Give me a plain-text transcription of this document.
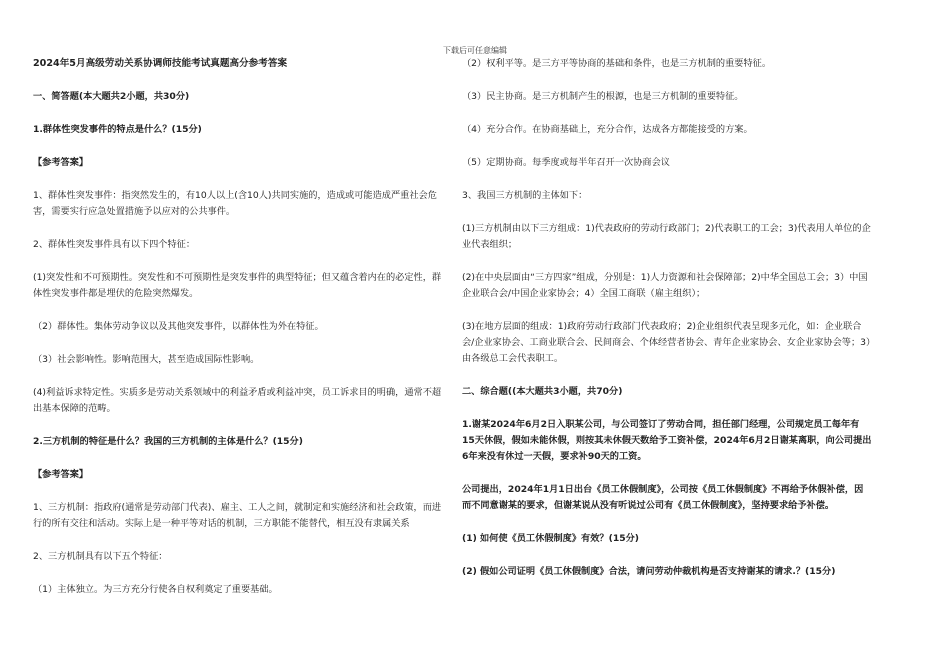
下载后可任意编辑

2024年5月高级劳动关系协调师技能考试真题高分参考答案

一、简答题(本大题共2小题，共30分)

1.群体性突发事件的特点是什么？(15分)

【参考答案】

1、群体性突发事件：指突然发生的，有10人以上(含10人)共同实施的，造成或可能造成严重社会危害，需要实行应急处置措施予以应对的公共事件。

2、群体性突发事件具有以下四个特征：

(1)突发性和不可预期性。突发性和不可预期性是突发事件的典型特征；但又蕴含着内在的必定性，群体性突发事件都是埋伏的危险突然爆发。

（2）群体性。集体劳动争议以及其他突发事件，以群体性为外在特征。

（3）社会影响性。影响范围大，甚至造成国际性影响。

(4)利益诉求特定性。实质多是劳动关系领域中的利益矛盾或利益冲突，员工诉求目的明确，通常不超出基本保障的范畴。

2.三方机制的特征是什么？我国的三方机制的主体是什么？(15分)

【参考答案】

1、三方机制：指政府(通常是劳动部门代表)、雇主、工人之间，就制定和实施经济和社会政策，而进行的所有交往和活动。实际上是一种平等对话的机制，三方职能不能替代，相互没有隶属关系

2、三方机制具有以下五个特征：

（1）主体独立。为三方充分行使各自权利奠定了重要基础。

（2）权利平等。是三方平等协商的基础和条件，也是三方机制的重要特征。

（3）民主协商。是三方机制产生的根源，也是三方机制的重要特征。

（4）充分合作。在协商基础上，充分合作，达成各方都能接受的方案。

（5）定期协商。每季度或每半年召开一次协商会议

3、我国三方机制的主体如下：

(1)三方机制由以下三方组成：1)代表政府的劳动行政部门；2)代表职工的工会；3)代表用人单位的企业代表组织；

(2)在中央层面由“三方四家”组成，分别是：1)人力资源和社会保障部；2)中华全国总工会；3）中国企业联合会/中国企业家协会；4）全国工商联（雇主组织）；

(3)在地方层面的组成：1)政府劳动行政部门代表政府；2)企业组织代表呈现多元化，如：企业联合会/企业家协会、工商业联合会、民间商会、个体经营者协会、青年企业家协会、女企业家协会等；3）由各级总工会代表职工。

二、综合题((本大题共3小题，共70分)

1.谢某2024年6月2日入职某公司，与公司签订了劳动合同，担任部门经理，公司规定员工每年有15天休假，假如未能休假，则按其未休假天数给予工资补偿，2024年6月2日谢某离职，向公司提出6年来没有休过一天假，要求补90天的工资。

公司提出，2024年1月1日出台《员工休假制度》，公司按《员工休假制度》不再给予休假补偿，因而不同意谢某的要求，但谢某说从没有听说过公司有《员工休假制度》，坚持要求给予补偿。

(1) 如何使《员工休假制度》有效？(15分)

(2) 假如公司证明《员工休假制度》合法，请问劳动仲裁机构是否支持谢某的请求.？(15分)
